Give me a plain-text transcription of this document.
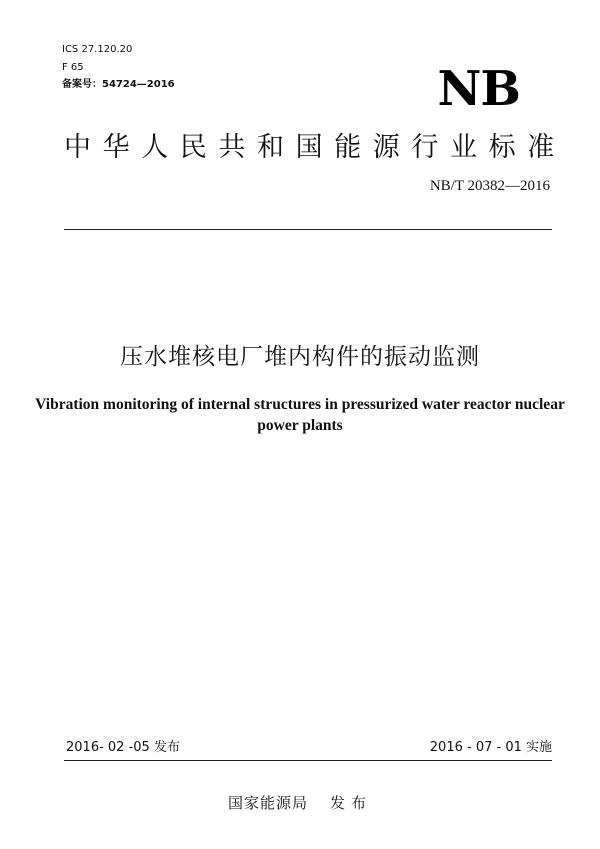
ICS 27.120.20
F 65
备案号：54724—2016	NB
中华人民共和国能源行业标准
NB/T 20382—2016
压水堆核电厂堆内构件的振动监测
Vibration monitoring of internal structures in pressurized water reactor nuclear power plants
2016- 02 -05 发布	2016 - 07 - 01 实施
国家能源局 发布
